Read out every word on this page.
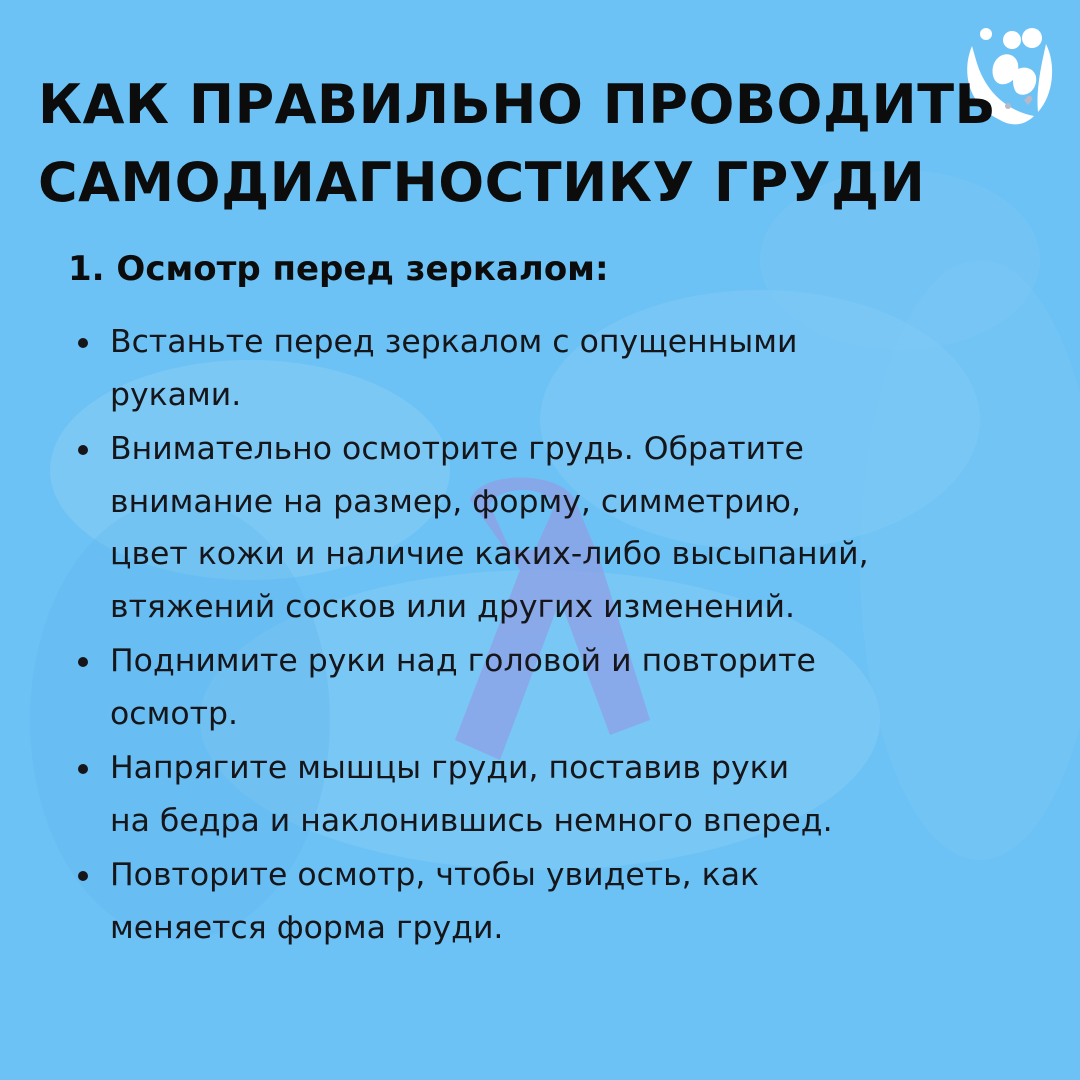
КАК ПРАВИЛЬНО ПРОВОДИТЬ
САМОДИАГНОСТИКУ ГРУДИ
1. Осмотр перед зеркалом:
Встаньте перед зеркалом с опущенными
руками.
Внимательно осмотрите грудь. Обратите
внимание на размер, форму, симметрию,
цвет кожи и наличие каких-либо высыпаний,
втяжений сосков или других изменений.
Поднимите руки над головой и повторите
осмотр.
Напрягите мышцы груди, поставив руки
на бедра и наклонившись немного вперед.
Повторите осмотр, чтобы увидеть, как
меняется форма груди.
